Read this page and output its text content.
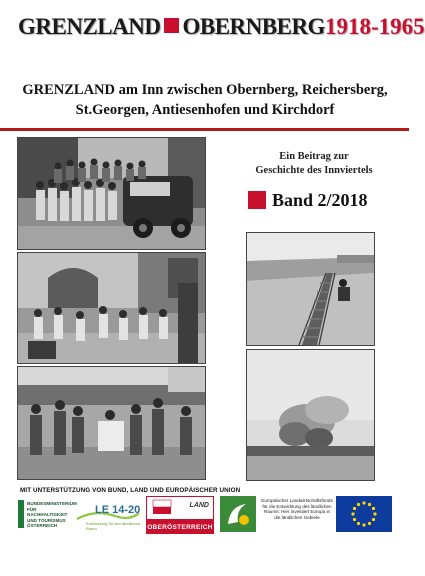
GRENZLAND OBERNBERG1918-1965
GRENZLAND am Inn zwischen Obernberg, Reichersberg,
St.Georgen, Antiesenhofen und Kirchdorf
Ein Beitrag zur
Geschichte des Innviertels
Band 2/2018
MIT UNTERSTÜTZUNG VON BUND, LAND UND EUROPÄISCHER UNION
BUNDESMINISTERIUM FÜR NACHHALTIGKEIT UND TOURISMUS ÖSTERREICH
LE 14-20
Entwicklung für den ländlichen Raum
LAND
OBERÖSTERREICH
Europäischer Landwirtschaftsfonds für die Entwicklung des ländlichen Raums: Hier investiert Europa in die ländlichen Gebiete
